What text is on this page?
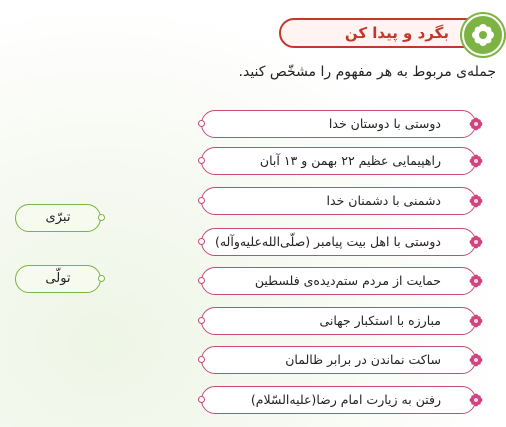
بگرد و پیدا کن
جمله‌ی مربوط به هر مفهوم را مشخّص کنید.
دوستی با دوستان خدا
راهپیمایی عظیم ۲۲ بهمن و ۱۳ آبان
دشمنی با دشمنان خدا
دوستی با اهل بیت پیامبر (صلّی‌الله‌علیه‌وآله)
حمایت از مردم ستم‌دیده‌ی فلسطین
مبارزه با استکبار جهانی
ساکت نماندن در برابر ظالمان
رفتن به زیارت امام رضا(علیه‌السّلام)
تبرّی
تولّی
